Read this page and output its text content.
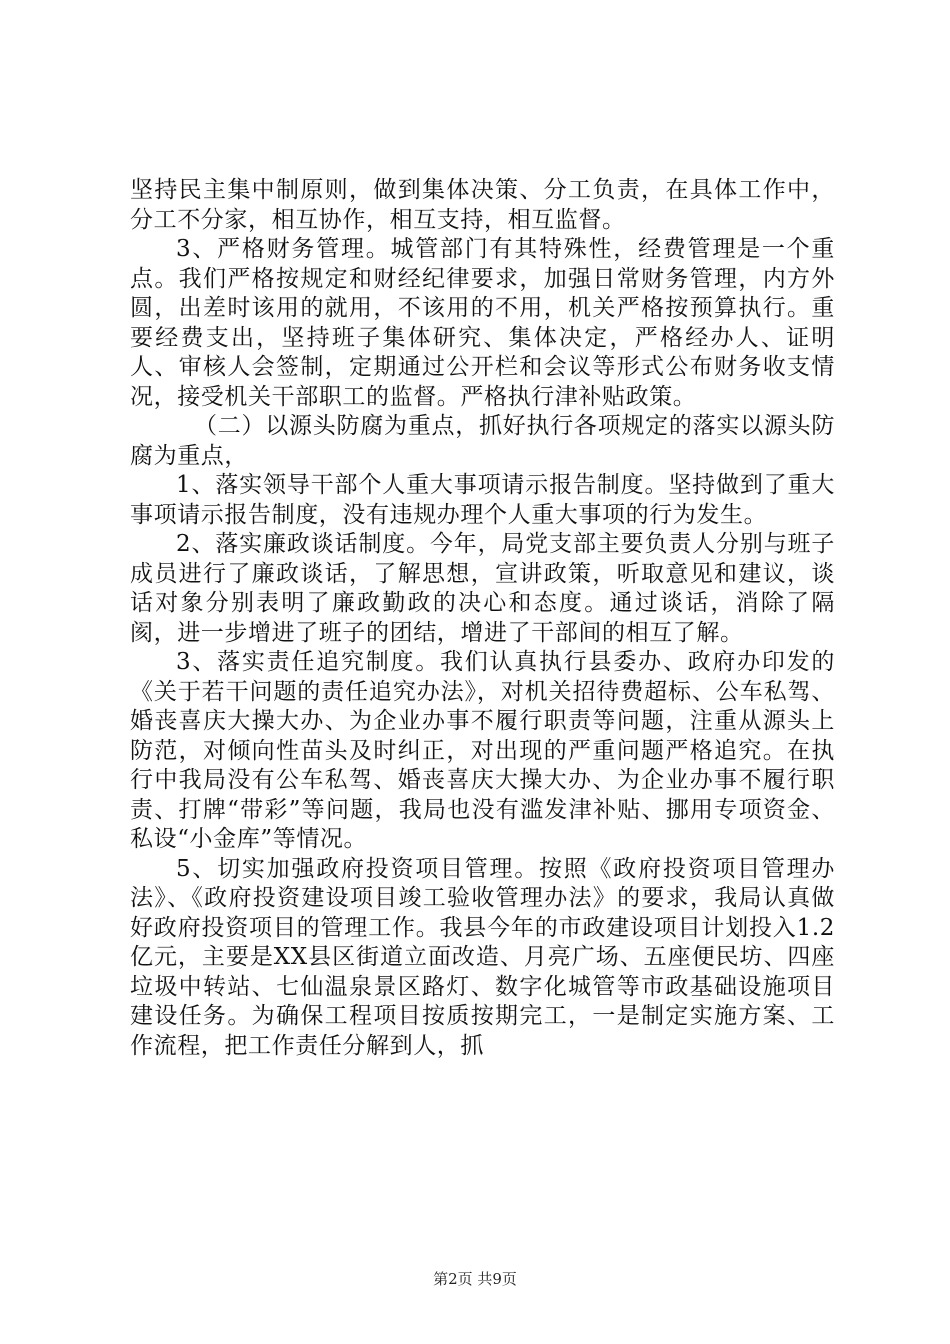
坚持民主集中制原则，做到集体决策、分工负责，在具体工作中，分工不分家，相互协作，相互支持，相互监督。

3、严格财务管理。城管部门有其特殊性，经费管理是一个重点。我们严格按规定和财经纪律要求，加强日常财务管理，内方外圆，出差时该用的就用，不该用的不用，机关严格按预算执行。重要经费支出，坚持班子集体研究、集体决定，严格经办人、证明人、审核人会签制，定期通过公开栏和会议等形式公布财务收支情况，接受机关干部职工的监督。严格执行津补贴政策。

（二）以源头防腐为重点，抓好执行各项规定的落实以源头防腐为重点，

1、落实领导干部个人重大事项请示报告制度。坚持做到了重大事项请示报告制度，没有违规办理个人重大事项的行为发生。

2、落实廉政谈话制度。今年，局党支部主要负责人分别与班子成员进行了廉政谈话，了解思想，宣讲政策，听取意见和建议，谈话对象分别表明了廉政勤政的决心和态度。通过谈话，消除了隔阂，进一步增进了班子的团结，增进了干部间的相互了解。

3、落实责任追究制度。我们认真执行县委办、政府办印发的《关于若干问题的责任追究办法》，对机关招待费超标、公车私驾、婚丧喜庆大操大办、为企业办事不履行职责等问题，注重从源头上防范，对倾向性苗头及时纠正，对出现的严重问题严格追究。在执行中我局没有公车私驾、婚丧喜庆大操大办、为企业办事不履行职责、打牌“带彩”等问题，我局也没有滥发津补贴、挪用专项资金、私设“小金库”等情况。

5、切实加强政府投资项目管理。按照《政府投资项目管理办法》、《政府投资建设项目竣工验收管理办法》的要求，我局认真做好政府投资项目的管理工作。我县今年的市政建设项目计划投入1.2亿元，主要是XX县区街道立面改造、月亮广场、五座便民坊、四座垃圾中转站、七仙温泉景区路灯、数字化城管等市政基础设施项目建设任务。为确保工程项目按质按期完工，一是制定实施方案、工作流程，把工作责任分解到人，抓

第2页 共9页
